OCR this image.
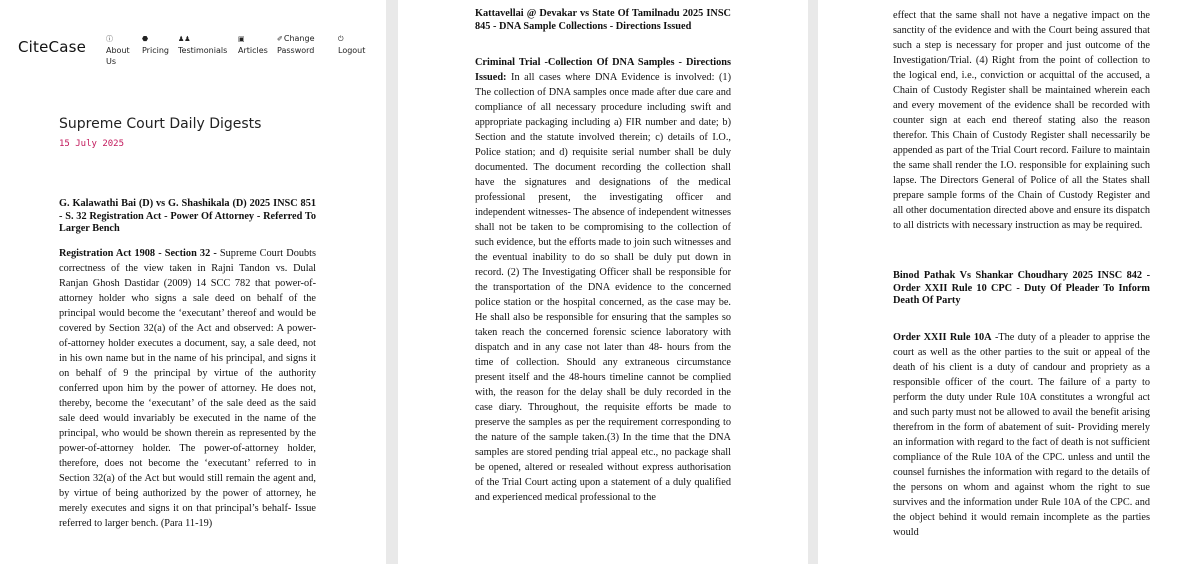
CiteCase	ⓘ
About Us
⬣
Pricing
♟♟
Testimonials
▣
Articles
✐Change Password
⏻
Logout
Supreme Court Daily Digests
15 July 2025
G. Kalawathi Bai (D) vs G. Shashikala (D) 2025 INSC 851 - S. 32 Registration Act - Power Of Attorney - Referred To Larger Bench
Registration Act 1908 - Section 32 - Supreme Court Doubts correctness of the view taken in Rajni Tandon vs. Dulal Ranjan Ghosh Dastidar (2009) 14 SCC 782 that power-of-attorney holder who signs a sale deed on behalf of the principal would become the ‘executant’ thereof and would be covered by Section 32(a) of the Act and observed: A power-of-attorney holder executes a document, say, a sale deed, not in his own name but in the name of his principal, and signs it on behalf of 9 the principal by virtue of the authority conferred upon him by the power of attorney. He does not, thereby, become the ‘executant’ of the sale deed as the said sale deed would invariably be executed in the name of the principal, who would be shown therein as represented by the power-of-attorney holder. The power-of-attorney holder, therefore, does not become the ‘executant’ referred to in Section 32(a) of the Act but would still remain the agent and, by virtue of being authorized by the power of attorney, he merely executes and signs it on that principal’s behalf- Issue referred to larger bench. (Para 11-19)
Kattavellai @ Devakar vs State Of Tamilnadu 2025 INSC 845 - DNA Sample Collections - Directions Issued
Criminal Trial -Collection Of DNA Samples - Directions Issued: In all cases where DNA Evidence is involved: (1) The collection of DNA samples once made after due care and compliance of all necessary procedure including swift and appropriate packaging including a) FIR number and date; b) Section and the statute involved therein; c) details of I.O., Police station; and d) requisite serial number shall be duly documented. The document recording the collection shall have the signatures and designations of the medical professional present, the investigating officer and independent witnesses- The absence of independent witnesses shall not be taken to be compromising to the collection of such evidence, but the efforts made to join such witnesses and the eventual inability to do so shall be duly put down in record. (2) The Investigating Officer shall be responsible for the transportation of the DNA evidence to the concerned police station or the hospital concerned, as the case may be. He shall also be responsible for ensuring that the samples so taken reach the concerned forensic science laboratory with dispatch and in any case not later than 48- hours from the time of collection. Should any extraneous circumstance present itself and the 48-hours timeline cannot be complied with, the reason for the delay shall be duly recorded in the case diary. Throughout, the requisite efforts be made to preserve the samples as per the requirement corresponding to the nature of the sample taken.(3) In the time that the DNA samples are stored pending trial appeal etc., no package shall be opened, altered or resealed without express authorisation of the Trial Court acting upon a statement of a duly qualified and experienced medical professional to the
effect that the same shall not have a negative impact on the sanctity of the evidence and with the Court being assured that such a step is necessary for proper and just outcome of the Investigation/Trial. (4) Right from the point of collection to the logical end, i.e., conviction or acquittal of the accused, a Chain of Custody Register shall be maintained wherein each and every movement of the evidence shall be recorded with counter sign at each end thereof stating also the reason therefor. This Chain of Custody Register shall necessarily be appended as part of the Trial Court record. Failure to maintain the same shall render the I.O. responsible for explaining such lapse. The Directors General of Police of all the States shall prepare sample forms of the Chain of Custody Register and all other documentation directed above and ensure its dispatch to all districts with necessary instruction as may be required.
Binod Pathak Vs Shankar Choudhary 2025 INSC 842 - Order XXII Rule 10 CPC - Duty Of Pleader To Inform Death Of Party
Order XXII Rule 10A -The duty of a pleader to apprise the court as well as the other parties to the suit or appeal of the death of his client is a duty of candour and propriety as a responsible officer of the court. The failure of a party to perform the duty under Rule 10A constitutes a wrongful act and such party must not be allowed to avail the benefit arising therefrom in the form of abatement of suit- Providing merely an information with regard to the fact of death is not sufficient compliance of the Rule 10A of the CPC. unless and until the counsel furnishes the information with regard to the details of the persons on whom and against whom the right to sue survives and the information under Rule 10A of the CPC. and the object behind it would remain incomplete as the parties would
